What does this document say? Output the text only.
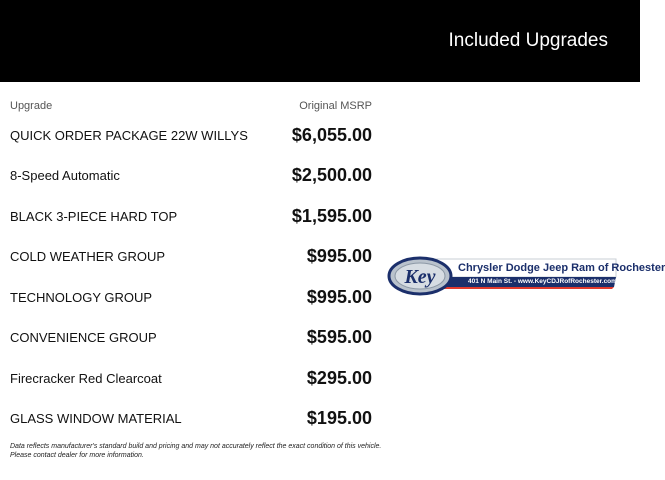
Included Upgrades
Upgrade	Original MSRP
QUICK ORDER PACKAGE 22W WILLYS $6,055.00
8-Speed Automatic	$2,500.00
BLACK 3-PIECE HARD TOP	$1,595.00
COLD WEATHER GROUP	$995.00
TECHNOLOGY GROUP	$995.00
CONVENIENCE GROUP	$595.00
Firecracker Red Clearcoat	$295.00
GLASS WINDOW MATERIAL	$195.00
Data reflects manufacturer's standard build and pricing and may not accurately reflect the exact condition of this vehicle.
Please contact dealer for more information.
Key Chrysler Dodge Jeep Ram of Rochester
401 N Main St. - www.KeyCDJRofRochester.com
